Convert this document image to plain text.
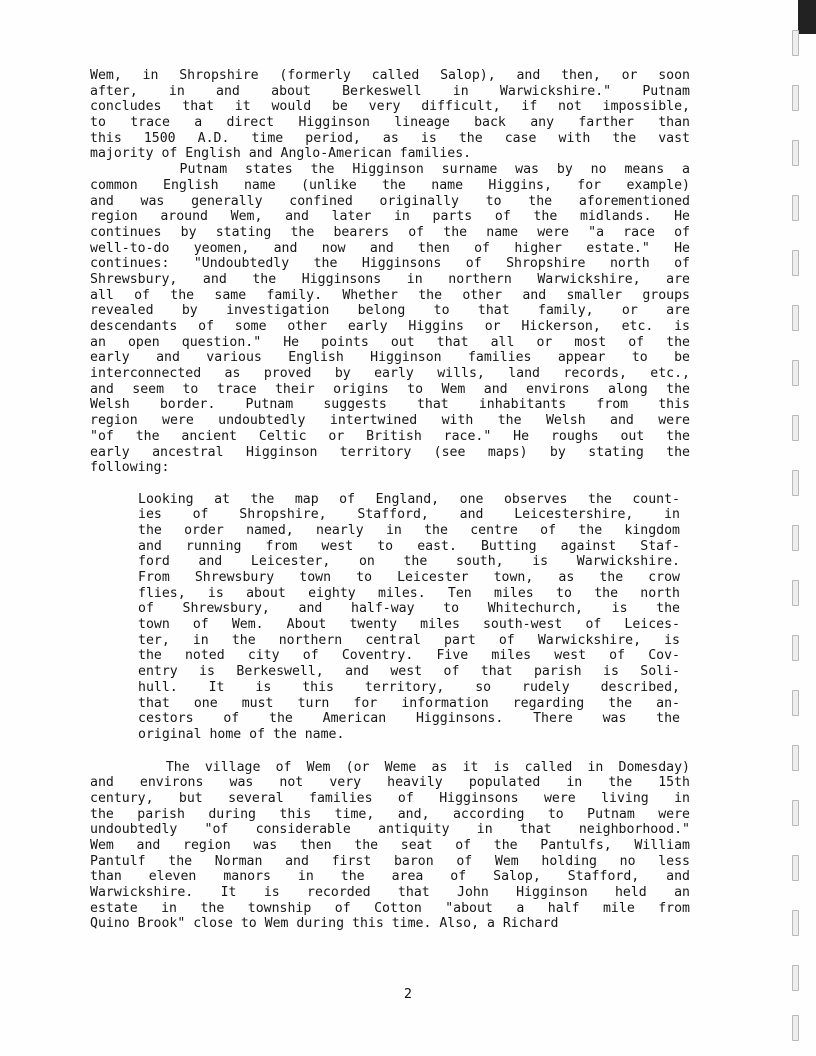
Wem, in Shropshire (formerly called Salop), and then, or soon
after, in and about Berkeswell in Warwickshire." Putnam
concludes that it would be very difficult, if not impossible,
to trace a direct Higginson lineage back any farther than
this 1500 A.D. time period, as is the case with the vast
majority of English and Anglo-American families.
Putnam states the Higginson surname was by no means a
common English name (unlike the name Higgins, for example)
and was generally confined originally to the aforementioned
region around Wem, and later in parts of the midlands. He
continues by stating the bearers of the name were "a race of
well-to-do yeomen, and now and then of higher estate." He
continues: "Undoubtedly the Higginsons of Shropshire north of
Shrewsbury, and the Higginsons in northern Warwickshire, are
all of the same family. Whether the other and smaller groups
revealed by investigation belong to that family, or are
descendants of some other early Higgins or Hickerson, etc. is
an open question." He points out that all or most of the
early and various English Higginson families appear to be
interconnected as proved by early wills, land records, etc.,
and seem to trace their origins to Wem and environs along the
Welsh border. Putnam suggests that inhabitants from this
region were undoubtedly intertwined with the Welsh and were
"of the ancient Celtic or British race." He roughs out the
early ancestral Higginson territory (see maps) by stating the
following:
Looking at the map of England, one observes the count-
ies of Shropshire, Stafford, and Leicestershire, in
the order named, nearly in the centre of the kingdom
and running from west to east. Butting against Staf-
ford and Leicester, on the south, is Warwickshire.
From Shrewsbury town to Leicester town, as the crow
flies, is about eighty miles. Ten miles to the north
of Shrewsbury, and half-way to Whitechurch, is the
town of Wem. About twenty miles south-west of Leices-
ter, in the northern central part of Warwickshire, is
the noted city of Coventry. Five miles west of Cov-
entry is Berkeswell, and west of that parish is Soli-
hull. It is this territory, so rudely described,
that one must turn for information regarding the an-
cestors of the American Higginsons. There was the
original home of the name.
The village of Wem (or Weme as it is called in Domesday)
and environs was not very heavily populated in the 15th
century, but several families of Higginsons were living in
the parish during this time, and, according to Putnam were
undoubtedly "of considerable antiquity in that neighborhood."
Wem and region was then the seat of the Pantulfs, William
Pantulf the Norman and first baron of Wem holding no less
than eleven manors in the area of Salop, Stafford, and
Warwickshire. It is recorded that John Higginson held an
estate in the township of Cotton "about a half mile from
Quino Brook" close to Wem during this time. Also, a Richard
2
